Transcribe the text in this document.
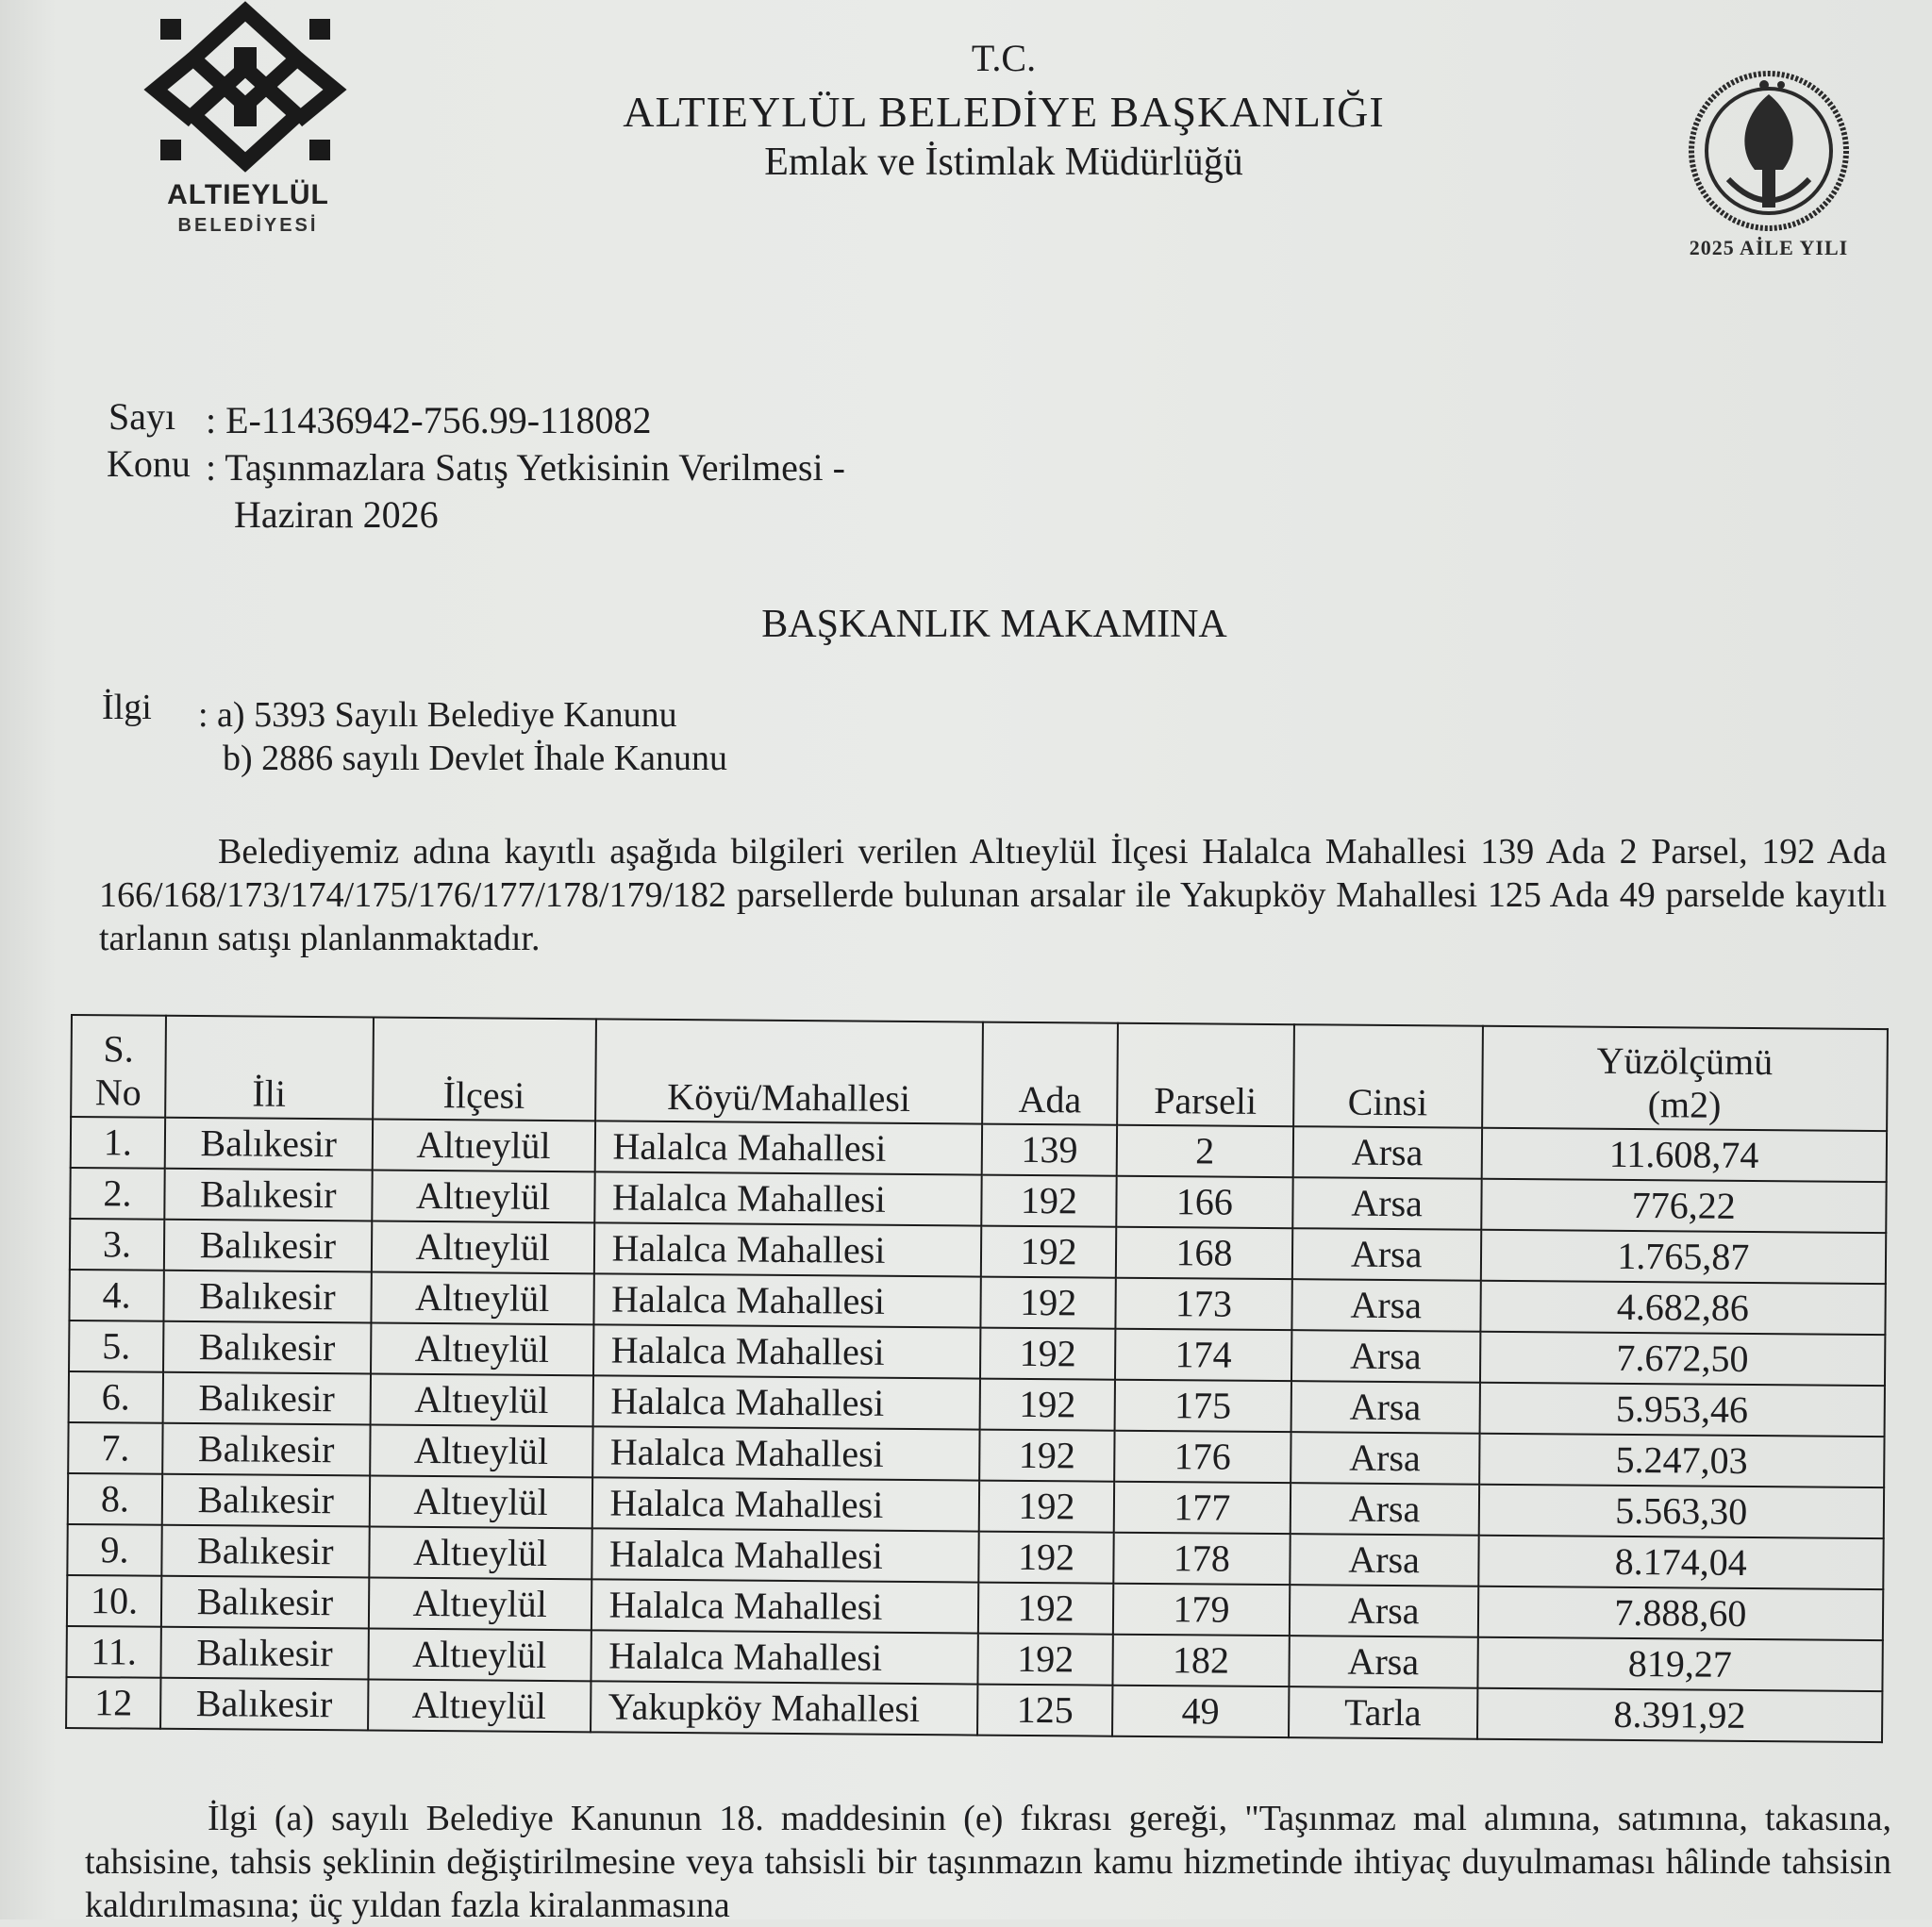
ALTIEYLÜL
BELEDİYESİ
2025 AİLE YILI
T.C.
ALTIEYLÜL BELEDİYE BAŞKANLIĞI
Emlak ve İstimlak Müdürlüğü
Sayı : E-11436942-756.99-118082
Konu : Taşınmazlara Satış Yetkisinin Verilmesi -
Haziran 2026
BAŞKANLIK MAKAMINA
İlgi : a) 5393 Sayılı Belediye Kanunu
b) 2886 sayılı Devlet İhale Kanunu

Belediyemiz adına kayıtlı aşağıda bilgileri verilen Altıeylül İlçesi Halalca Mahallesi 139 Ada 2 Parsel, 192 Ada 166/168/173/174/175/176/177/178/179/182 parsellerde bulunan arsalar ile Yakupköy Mahallesi 125 Ada 49 parselde kayıtlı tarlanın satışı planlanmaktadır.

S.
No	İli	İlçesi	Köyü/Mahallesi	Ada	Parseli	Cinsi	Yüzölçümü
(m2)
1.	Balıkesir	Altıeylül	Halalca Mahallesi	139	2	Arsa	11.608,74
2.	Balıkesir	Altıeylül	Halalca Mahallesi	192	166	Arsa	776,22
3.	Balıkesir	Altıeylül	Halalca Mahallesi	192	168	Arsa	1.765,87
4.	Balıkesir	Altıeylül	Halalca Mahallesi	192	173	Arsa	4.682,86
5.	Balıkesir	Altıeylül	Halalca Mahallesi	192	174	Arsa	7.672,50
6.	Balıkesir	Altıeylül	Halalca Mahallesi	192	175	Arsa	5.953,46
7.	Balıkesir	Altıeylül	Halalca Mahallesi	192	176	Arsa	5.247,03
8.	Balıkesir	Altıeylül	Halalca Mahallesi	192	177	Arsa	5.563,30
9.	Balıkesir	Altıeylül	Halalca Mahallesi	192	178	Arsa	8.174,04
10.	Balıkesir	Altıeylül	Halalca Mahallesi	192	179	Arsa	7.888,60
11.	Balıkesir	Altıeylül	Halalca Mahallesi	192	182	Arsa	819,27
12	Balıkesir	Altıeylül	Yakupköy Mahallesi	125	49	Tarla	8.391,92

İlgi (a) sayılı Belediye Kanunun 18. maddesinin (e) fıkrası gereği, "Taşınmaz mal alımına, satımına, takasına, tahsisine, tahsis şeklinin değiştirilmesine veya tahsisli bir taşınmazın kamu hizmetinde ihtiyaç duyulmaması hâlinde tahsisin kaldırılmasına; üç yıldan fazla kiralanmasına
